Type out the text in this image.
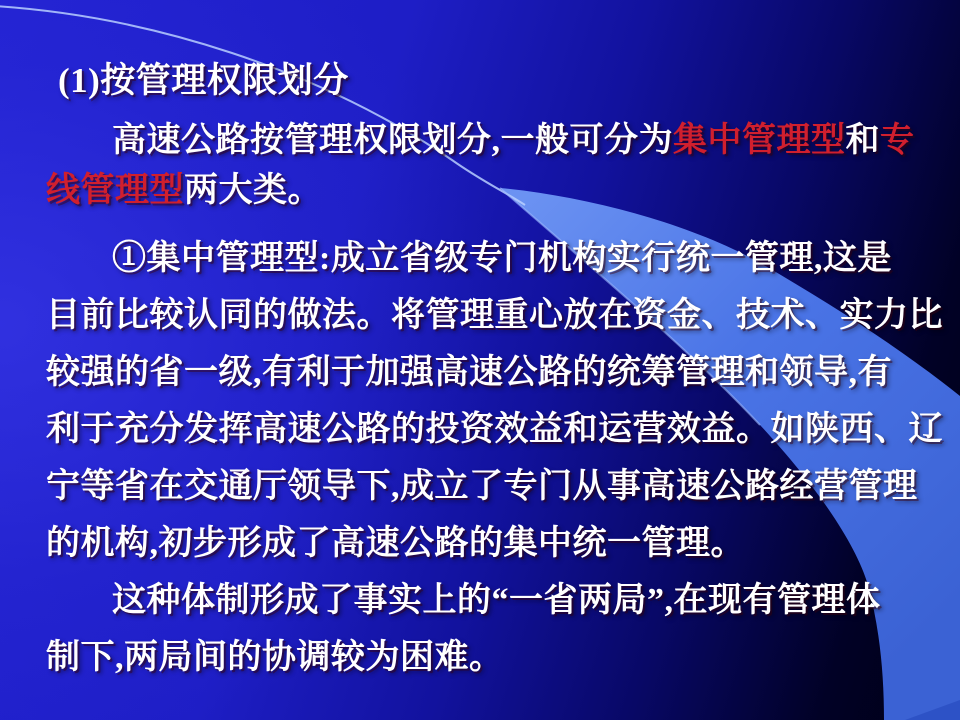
(1)按管理权限划分
高速公路按管理权限划分,一般可分为集中管理型和专
线管理型两大类。
①集中管理型:成立省级专门机构实行统一管理,这是
目前比较认同的做法。将管理重心放在资金、技术、实力比
较强的省一级,有利于加强高速公路的统筹管理和领导,有
利于充分发挥高速公路的投资效益和运营效益。如陕西、辽
宁等省在交通厅领导下,成立了专门从事高速公路经营管理
的机构,初步形成了高速公路的集中统一管理。
这种体制形成了事实上的“一省两局”,在现有管理体
制下,两局间的协调较为困难。
